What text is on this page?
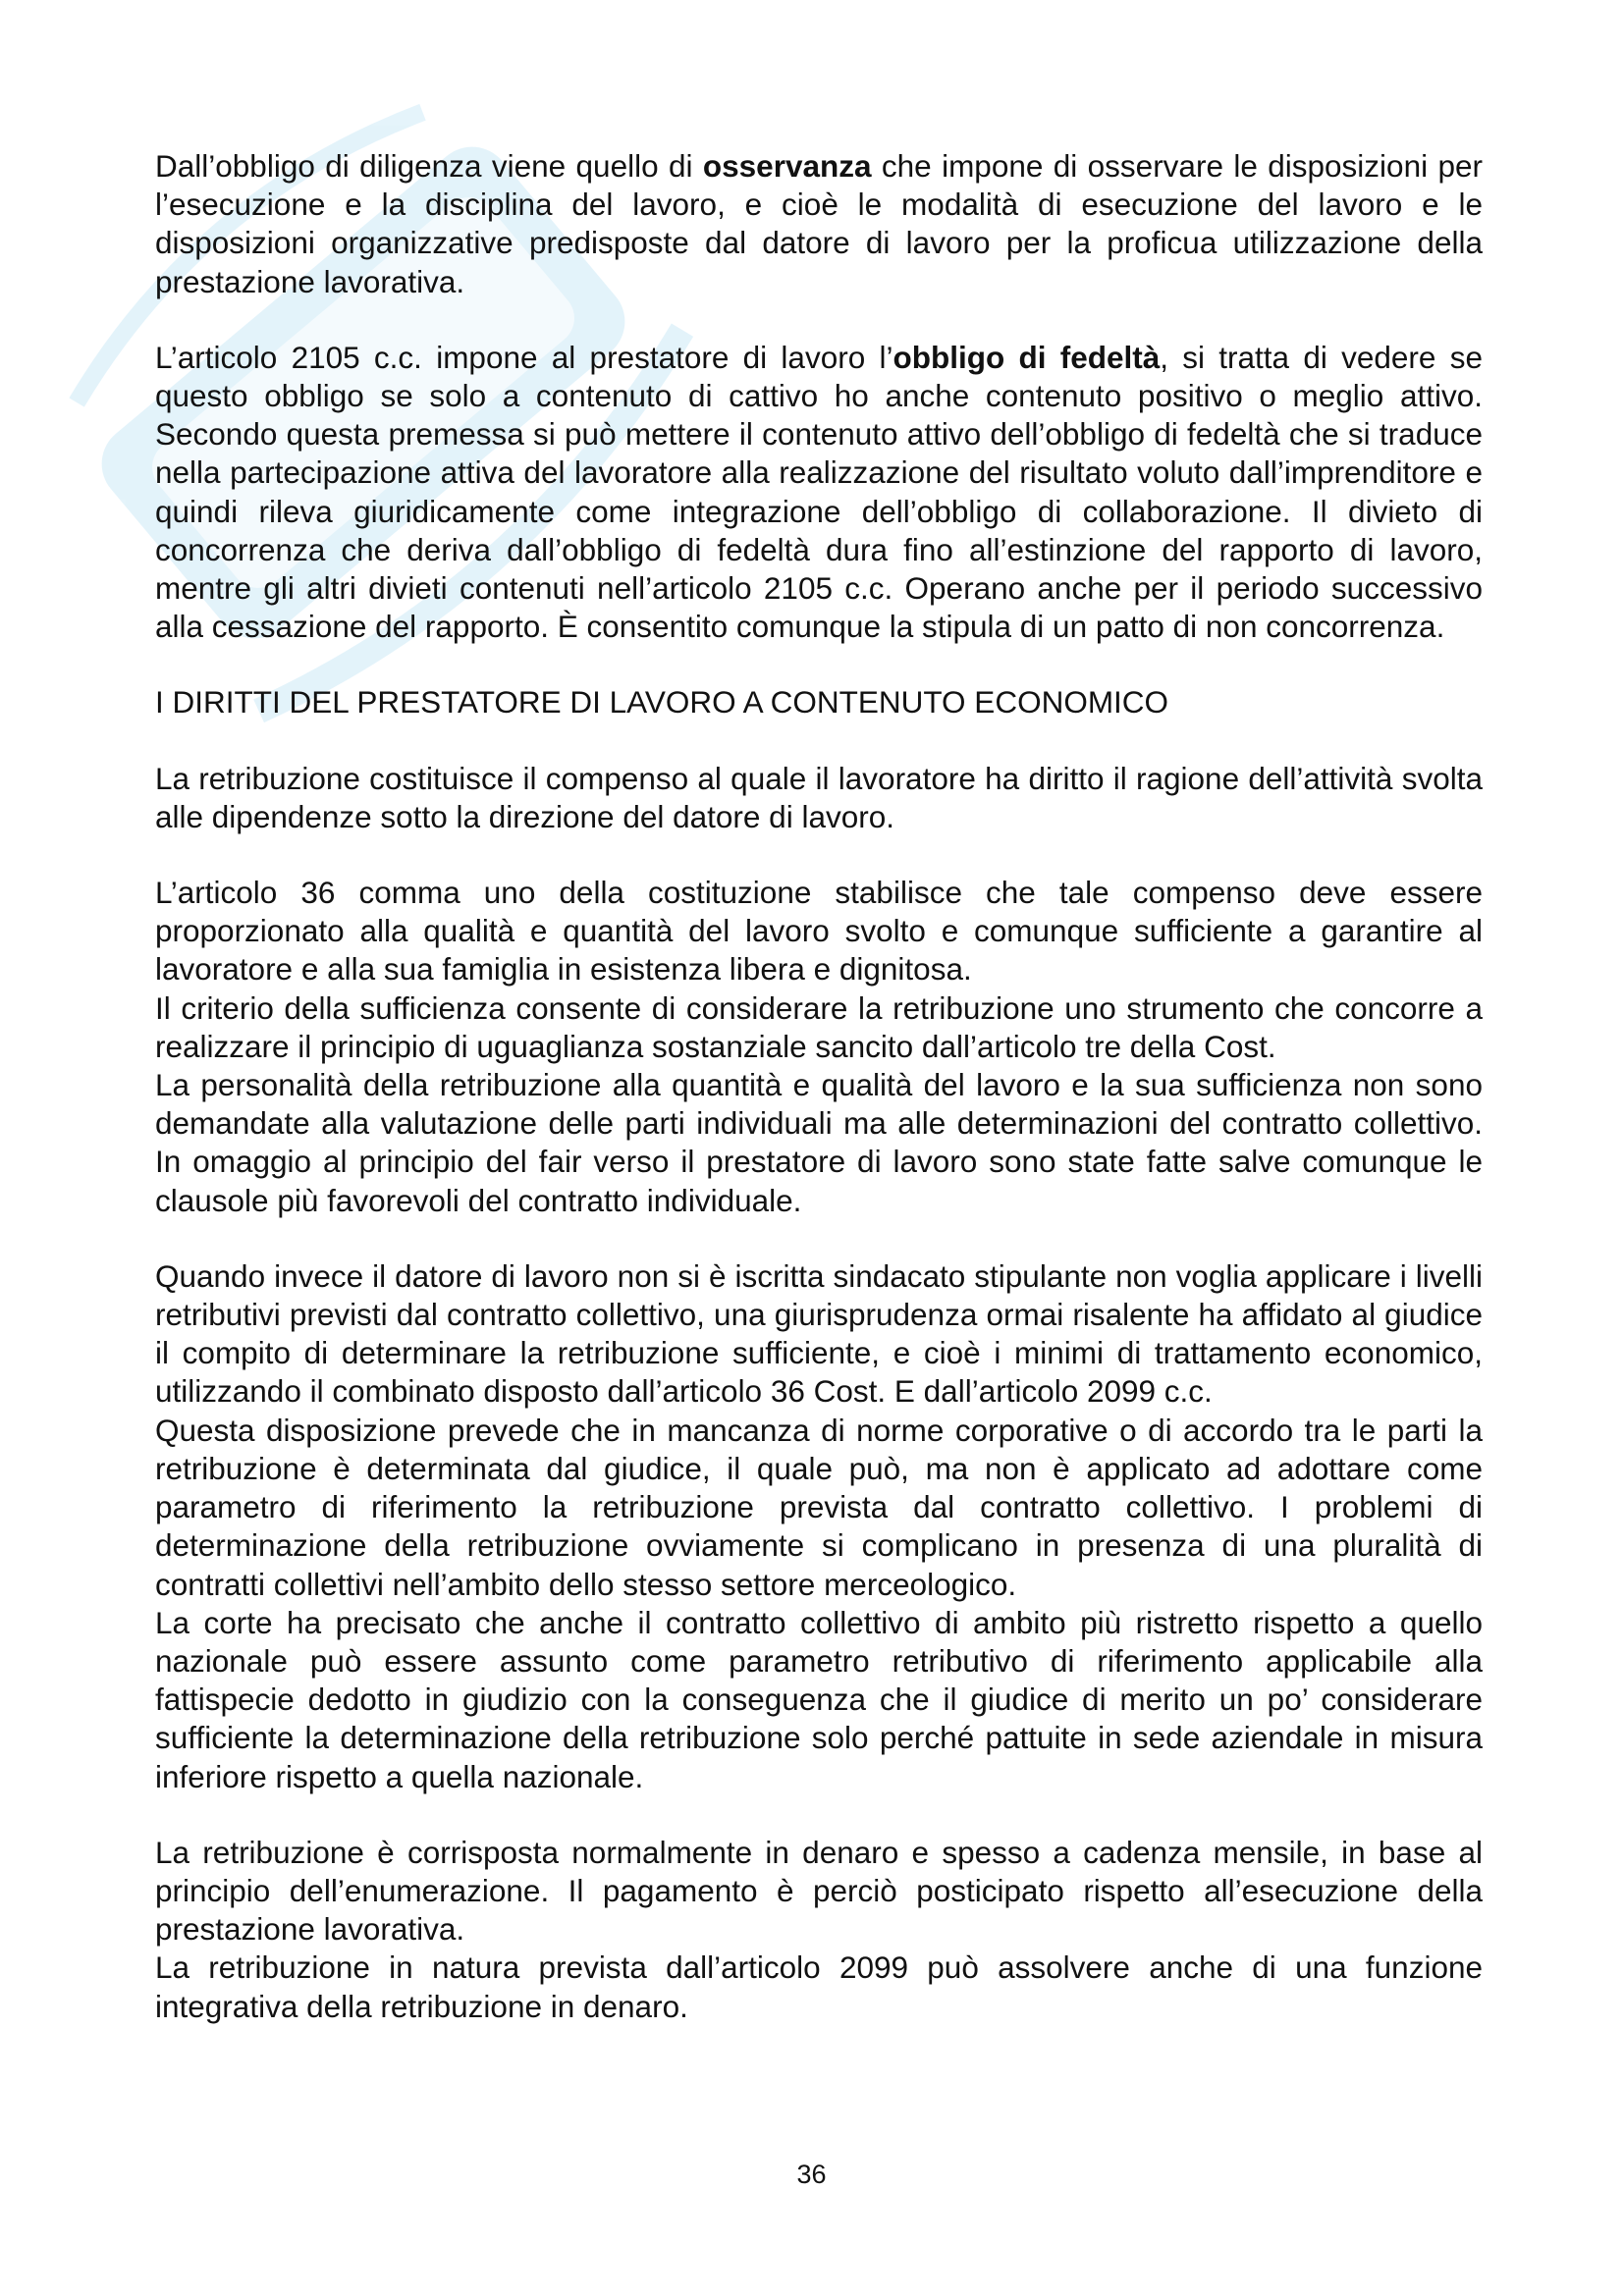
Dall’obbligo di diligenza viene quello di osservanza che impone di osservare le disposizioni per l’esecuzione e la disciplina del lavoro, e cioè le modalità di esecuzione del lavoro e le disposizioni organizzative predisposte dal datore di lavoro per la proficua utilizzazione della prestazione lavorativa.

L’articolo 2105 c.c. impone al prestatore di lavoro l’obbligo di fedeltà, si tratta di vedere se questo obbligo se solo a contenuto di cattivo ho anche contenuto positivo o meglio attivo. Secondo questa premessa si può mettere il contenuto attivo dell’obbligo di fedeltà che si traduce nella partecipazione attiva del lavoratore alla realizzazione del risultato voluto dall’imprenditore e quindi rileva giuridicamente come integrazione dell’obbligo di collaborazione. Il divieto di concorrenza che deriva dall’obbligo di fedeltà dura fino all’estinzione del rapporto di lavoro, mentre gli altri divieti contenuti nell’articolo 2105 c.c. Operano anche per il periodo successivo alla cessazione del rapporto. È consentito comunque la stipula di un patto di non concorrenza.

I DIRITTI DEL PRESTATORE DI LAVORO A CONTENUTO ECONOMICO

La retribuzione costituisce il compenso al quale il lavoratore ha diritto il ragione dell’attività svolta alle dipendenze sotto la direzione del datore di lavoro.

L’articolo 36 comma uno della costituzione stabilisce che tale compenso deve essere proporzionato alla qualità e quantità del lavoro svolto e comunque sufficiente a garantire al lavoratore e alla sua famiglia in esistenza libera e dignitosa.

Il criterio della sufficienza consente di considerare la retribuzione uno strumento che concorre a realizzare il principio di uguaglianza sostanziale sancito dall’articolo tre della Cost.

La personalità della retribuzione alla quantità e qualità del lavoro e la sua sufficienza non sono demandate alla valutazione delle parti individuali ma alle determinazioni del contratto collettivo. In omaggio al principio del fair verso il prestatore di lavoro sono state fatte salve comunque le clausole più favorevoli del contratto individuale.

Quando invece il datore di lavoro non si è iscritta sindacato stipulante non voglia applicare i livelli retributivi previsti dal contratto collettivo, una giurisprudenza ormai risalente ha affidato al giudice il compito di determinare la retribuzione sufficiente, e cioè i minimi di trattamento economico, utilizzando il combinato disposto dall’articolo 36 Cost. E dall’articolo 2099 c.c.

Questa disposizione prevede che in mancanza di norme corporative o di accordo tra le parti la retribuzione è determinata dal giudice, il quale può, ma non è applicato ad adottare come parametro di riferimento la retribuzione prevista dal contratto collettivo. I problemi di determinazione della retribuzione ovviamente si complicano in presenza di una pluralità di contratti collettivi nell’ambito dello stesso settore merceologico.

La corte ha precisato che anche il contratto collettivo di ambito più ristretto rispetto a quello nazionale può essere assunto come parametro retributivo di riferimento applicabile alla fattispecie dedotto in giudizio con la conseguenza che il giudice di merito un po’ considerare sufficiente la determinazione della retribuzione solo perché pattuite in sede aziendale in misura inferiore rispetto a quella nazionale.

La retribuzione è corrisposta normalmente in denaro e spesso a cadenza mensile, in base al principio dell’enumerazione. Il pagamento è perciò posticipato rispetto all’esecuzione della prestazione lavorativa.

La retribuzione in natura prevista dall’articolo 2099 può assolvere anche di una funzione integrativa della retribuzione in denaro.

36
